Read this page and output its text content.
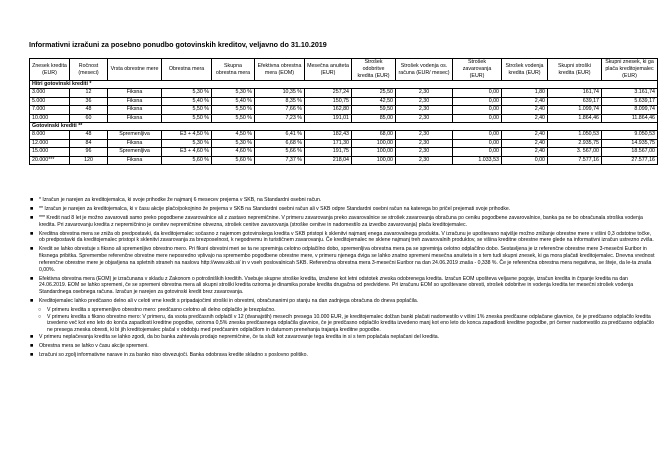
Informativni izračuni za posebno ponudbo gotovinskih kreditov, veljavno do 31.10.2019
Znesek kredita (EUR)	Ročnost (meseci)	Vrsta obrestne mere	Obrestna mera	Skupna obrestna mera	Efektivna obrestna mera (EOM)	Mesečna anuiteta (EUR)	Strošek odobritve kredita (EUR)	Strošek vodenja os. računa (EUR/ mesec)	Strošek zavarovanja (EUR)	Strošek vodenja kredita (EUR)	Skupni stroški kredita (EUR)	Skupni znesek, ki ga plača kreditojemalec (EUR)
Hitri gotovinski krediti *												
3.000	12	Fiksna	5,30 %	5,30 %	10,35 %	257,24	25,50	2,30	0,00	1,80	161,74	3.161,74
5.000	36	Fiksna	5,40 %	5,40 %	8,35 %	150,75	42,50	2,30	0,00	2,40	639,17	5.639,17
7.000	48	Fiksna	5,50 %	5,50 %	7,66 %	162,80	59,50	2,30	0,00	2,40	1.099,74	8.099,74
10.000	60	Fiksna	5,50 %	5,50 %	7,23 %	191,01	85,00	2,30	0,00	2,40	1.864,46	11.864,46
Gotovinski krediti **												
8.000	48	Spremenljiva	E3 + 4,50 %	4,50 %	6,41 %	182,43	68,00	2,30	0,00	2,40	1.050,53	9.050,53
12.000	84	Fiksna	5,30 %	5,30 %	6,68 %	171,30	100,00	2,30	0,00	2,40	2.935,75	14.935,75
15.000	96	Spremenljiva	E3 + 4,60 %	4,60 %	5,66 %	191,75	100,00	2,30	0,00	2,40	3. 567,00	18.567,00
20.000***	120	Fiksna	5,60 %	5,60 %	7,37 %	218,04	100,00	2,30	1.033,53	0,00	7.577,16	27.577,16
■ * Izračun je narejen za kreditojemalca, ki svoje prihodke že najmanj 6 mesecev prejema v SKB, na Standardni osebni račun.
■ ** Izračun je narejen za kreditojemalca, ki v času akcije plačo/pokojnino že prejema v SKB na Standardni osebni račun ali v SKB odpre Standardni osebni račun na katerega bo pričel prejemati svoje prihodke.
■ *** Kredit nad 8 let je možno zavarovati samo preko pogodbene zavarovalnice ali z zastavo nepremičnine. V primeru zavarovanja preko zavarovalnice se strošek zavarovanja obračuna po ceniku pogodbene zavarovalnice, banka pa ne bo obračunala stroška vodenja kredita. Pri zavarovanju kredita z nepremičnino je cenitev nepremičnine obvezna, strošek cenitve zavarovanja (stroške cenitve in nadomestilo za izvedbo zavarovanja) plača kreditojemalec.
■ Kreditna obrestna mera se zniža ob predpostavki, da kreditojemalec sočasno z najemom gotovinskega kredita v SKB pristopi k sklenitvi najmanj enega zavarovalnega produkta. V izračunu je upoštevano najvišje možno znižanje obrestne mere v višini 0,3 odstotne točke, ob predpostavki da kreditojemalec pristopi k sklenitvi zavarovanja za brezposelnost, k negodnemu in turističnem zavarovanju. Če kreditojemalec ne sklene najmanj treh zavarovalnih produktov, se višina kreditne obrestne mere glede na informativni izračun ustrezno zviša.
■ Kredit se lahko obrestuje s fiksno ali spremenljivo obrestno mero. Pri fiksni obrestni meri se ta ne spreminja celotno odplačilno dobo, spremenljiva obrestna mera pa se spreminja celotno odplačilno dobo. Sestavljena je iz referenčne obrestne mere 3-mesečni Euribor in fiksnega pribitka. Spremembe referenčne obrestne mere neposredno vplivajo na spremembo pogodbene obrestne mere, v primeru njenega dviga se lahko znatno spremeni mesečna anuiteta in s tem tudi skupni znesek, ki ga mora plačati kreditojemalec. Dnevna vrednost referenčne obrestne mere je objavljena na spletnih straneh na naslovu http://www.skb.si/ in v vseh poslovalnicah SKB. Referenčna obrestna mera 3-mesečni Euribor na dan 24.06.2019 znaša - 0,338 %. Če je referenčna obrestna mera negativna, se šteje, da le-ta znaša 0,00%.
■ Efektivna obrestna mera (EOM) je izračunana v skladu z Zakonom o potrošniških kreditih. Vsebuje skupne stroške kredita, izražene kot letni odstotek zneska odobrenega kredita. Izračun EOM upošteva veljavne pogoje, izračun kredita in črpanje kredita na dan 24.06.2019. EOM se lahko spremeni, če se spremeni obrestna mera ali skupni stroški kredita oziroma je dinamika porabe kredita drugačna od predvidene. Pri izračunu EOM so upoštevane obresti, strošek odobritve in vodenja kredita ter mesečni strošek vodenja Standardnega osebnega računa. Izračun je narejen za gotovinski kredit brez zavarovanja.
■ Kreditojemalec lahko predčasno delno ali v celoti vrne kredit s pripadajočimi stroški in obrestmi, obračunanimi po stanju na dan zadnjega obračuna do dneva poplačila.
○ V primeru kredita s spremenljivo obrestno mero: predčasno celotno ali delno odplačilo je brezplačno.
○ V primeru kredita s fiksno obrestno mero: V primeru, da vsota predčasnih odplačil v 12 (dvanajstih) mesecih presega 10.000 EUR, je kreditojemalec dolžan banki plačati nadomestilo v višini 1% zneska predčasne odplačane glavnice, če je predčasno odplačilo kredita izvedeno več kot eno leto do konča zapadlosti kreditne pogodbe, oziroma 0,5% zneska predčasnega odplačila glavnice, če je predčasno odplačilo kredita izvedeno manj kot eno leto do konca zapadlosti kreditne pogodbe, pri čemer nadomestilo za predčasno odplačilo ne presega zneska obresti, ki bi jih kreditojemalec plačal v obdobju med predčasnim odplačilom in datumom prenehanja trajanja kreditne pogodbe.
■ V primeru neplačevanja kredita se lahko zgodi, da bo banka zahtevala prodajo nepremičnine, če ta služi kot zavarovanje tega kredita in si s tem poplačala neplačani del kredita.
■ Obrestna mera se lahko v času akcije spremeni.
■ Izračuni so zgolj informativne narave in za banko niso obvezujoči. Banka odobrava kredite skladno s poslovno politiko.
